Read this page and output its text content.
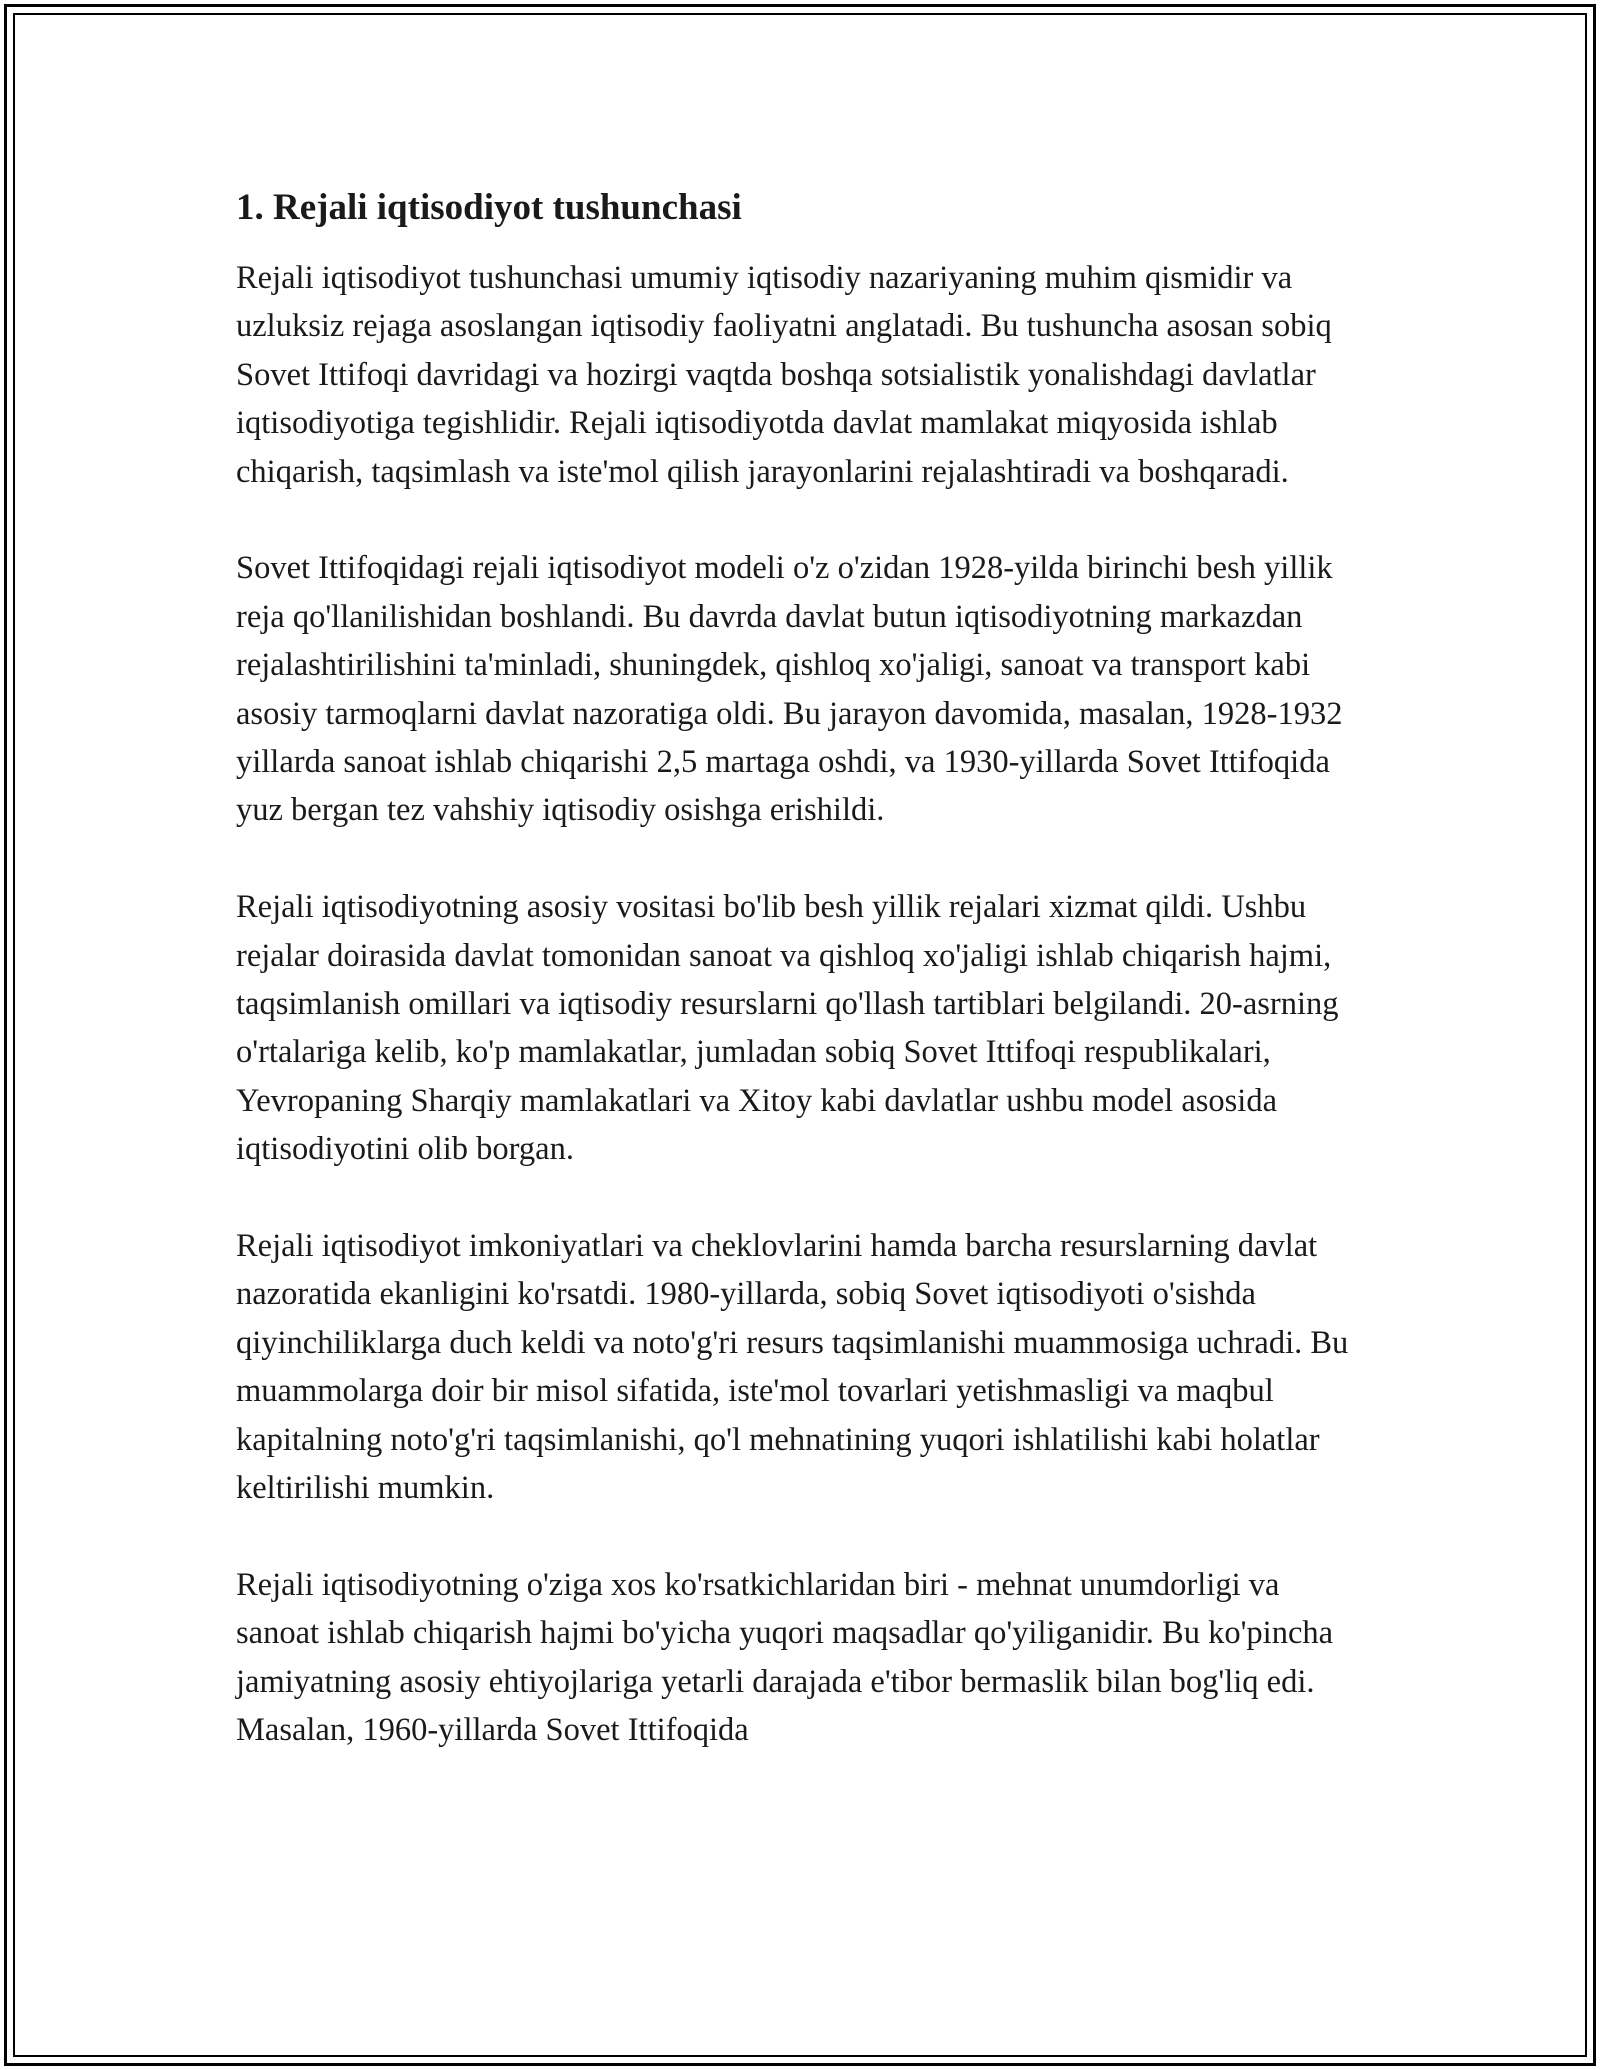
1. Rejali iqtisodiyot tushunchasi

Rejali iqtisodiyot tushunchasi umumiy iqtisodiy nazariyaning muhim qismidir va uzluksiz rejaga asoslangan iqtisodiy faoliyatni anglatadi. Bu tushuncha asosan sobiq Sovet Ittifoqi davridagi va hozirgi vaqtda boshqa sotsialistik yonalishdagi davlatlar iqtisodiyotiga tegishlidir. Rejali iqtisodiyotda davlat mamlakat miqyosida ishlab chiqarish, taqsimlash va iste'mol qilish jarayonlarini rejalashtiradi va boshqaradi.

Sovet Ittifoqidagi rejali iqtisodiyot modeli o'z o'zidan 1928-yilda birinchi besh yillik reja qo'llanilishidan boshlandi. Bu davrda davlat butun iqtisodiyotning markazdan rejalashtirilishini ta'minladi, shuningdek, qishloq xo'jaligi, sanoat va transport kabi asosiy tarmoqlarni davlat nazoratiga oldi. Bu jarayon davomida, masalan, 1928-1932 yillarda sanoat ishlab chiqarishi 2,5 martaga oshdi, va 1930-yillarda Sovet Ittifoqida yuz bergan tez vahshiy iqtisodiy osishga erishildi.

Rejali iqtisodiyotning asosiy vositasi bo'lib besh yillik rejalari xizmat qildi. Ushbu rejalar doirasida davlat tomonidan sanoat va qishloq xo'jaligi ishlab chiqarish hajmi, taqsimlanish omillari va iqtisodiy resurslarni qo'llash tartiblari belgilandi. 20-asrning o'rtalariga kelib, ko'p mamlakatlar, jumladan sobiq Sovet Ittifoqi respublikalari, Yevropaning Sharqiy mamlakatlari va Xitoy kabi davlatlar ushbu model asosida iqtisodiyotini olib borgan.

Rejali iqtisodiyot imkoniyatlari va cheklovlarini hamda barcha resurslarning davlat nazoratida ekanligini ko'rsatdi. 1980-yillarda, sobiq Sovet iqtisodiyoti o'sishda qiyinchiliklarga duch keldi va noto'g'ri resurs taqsimlanishi muammosiga uchradi. Bu muammolarga doir bir misol sifatida, iste'mol tovarlari yetishmasligi va maqbul kapitalning noto'g'ri taqsimlanishi, qo'l mehnatining yuqori ishlatilishi kabi holatlar keltirilishi mumkin.

Rejali iqtisodiyotning o'ziga xos ko'rsatkichlaridan biri - mehnat unumdorligi va sanoat ishlab chiqarish hajmi bo'yicha yuqori maqsadlar qo'yiliganidir. Bu ko'pincha jamiyatning asosiy ehtiyojlariga yetarli darajada e'tibor bermaslik bilan bog'liq edi. Masalan, 1960-yillarda Sovet Ittifoqida
